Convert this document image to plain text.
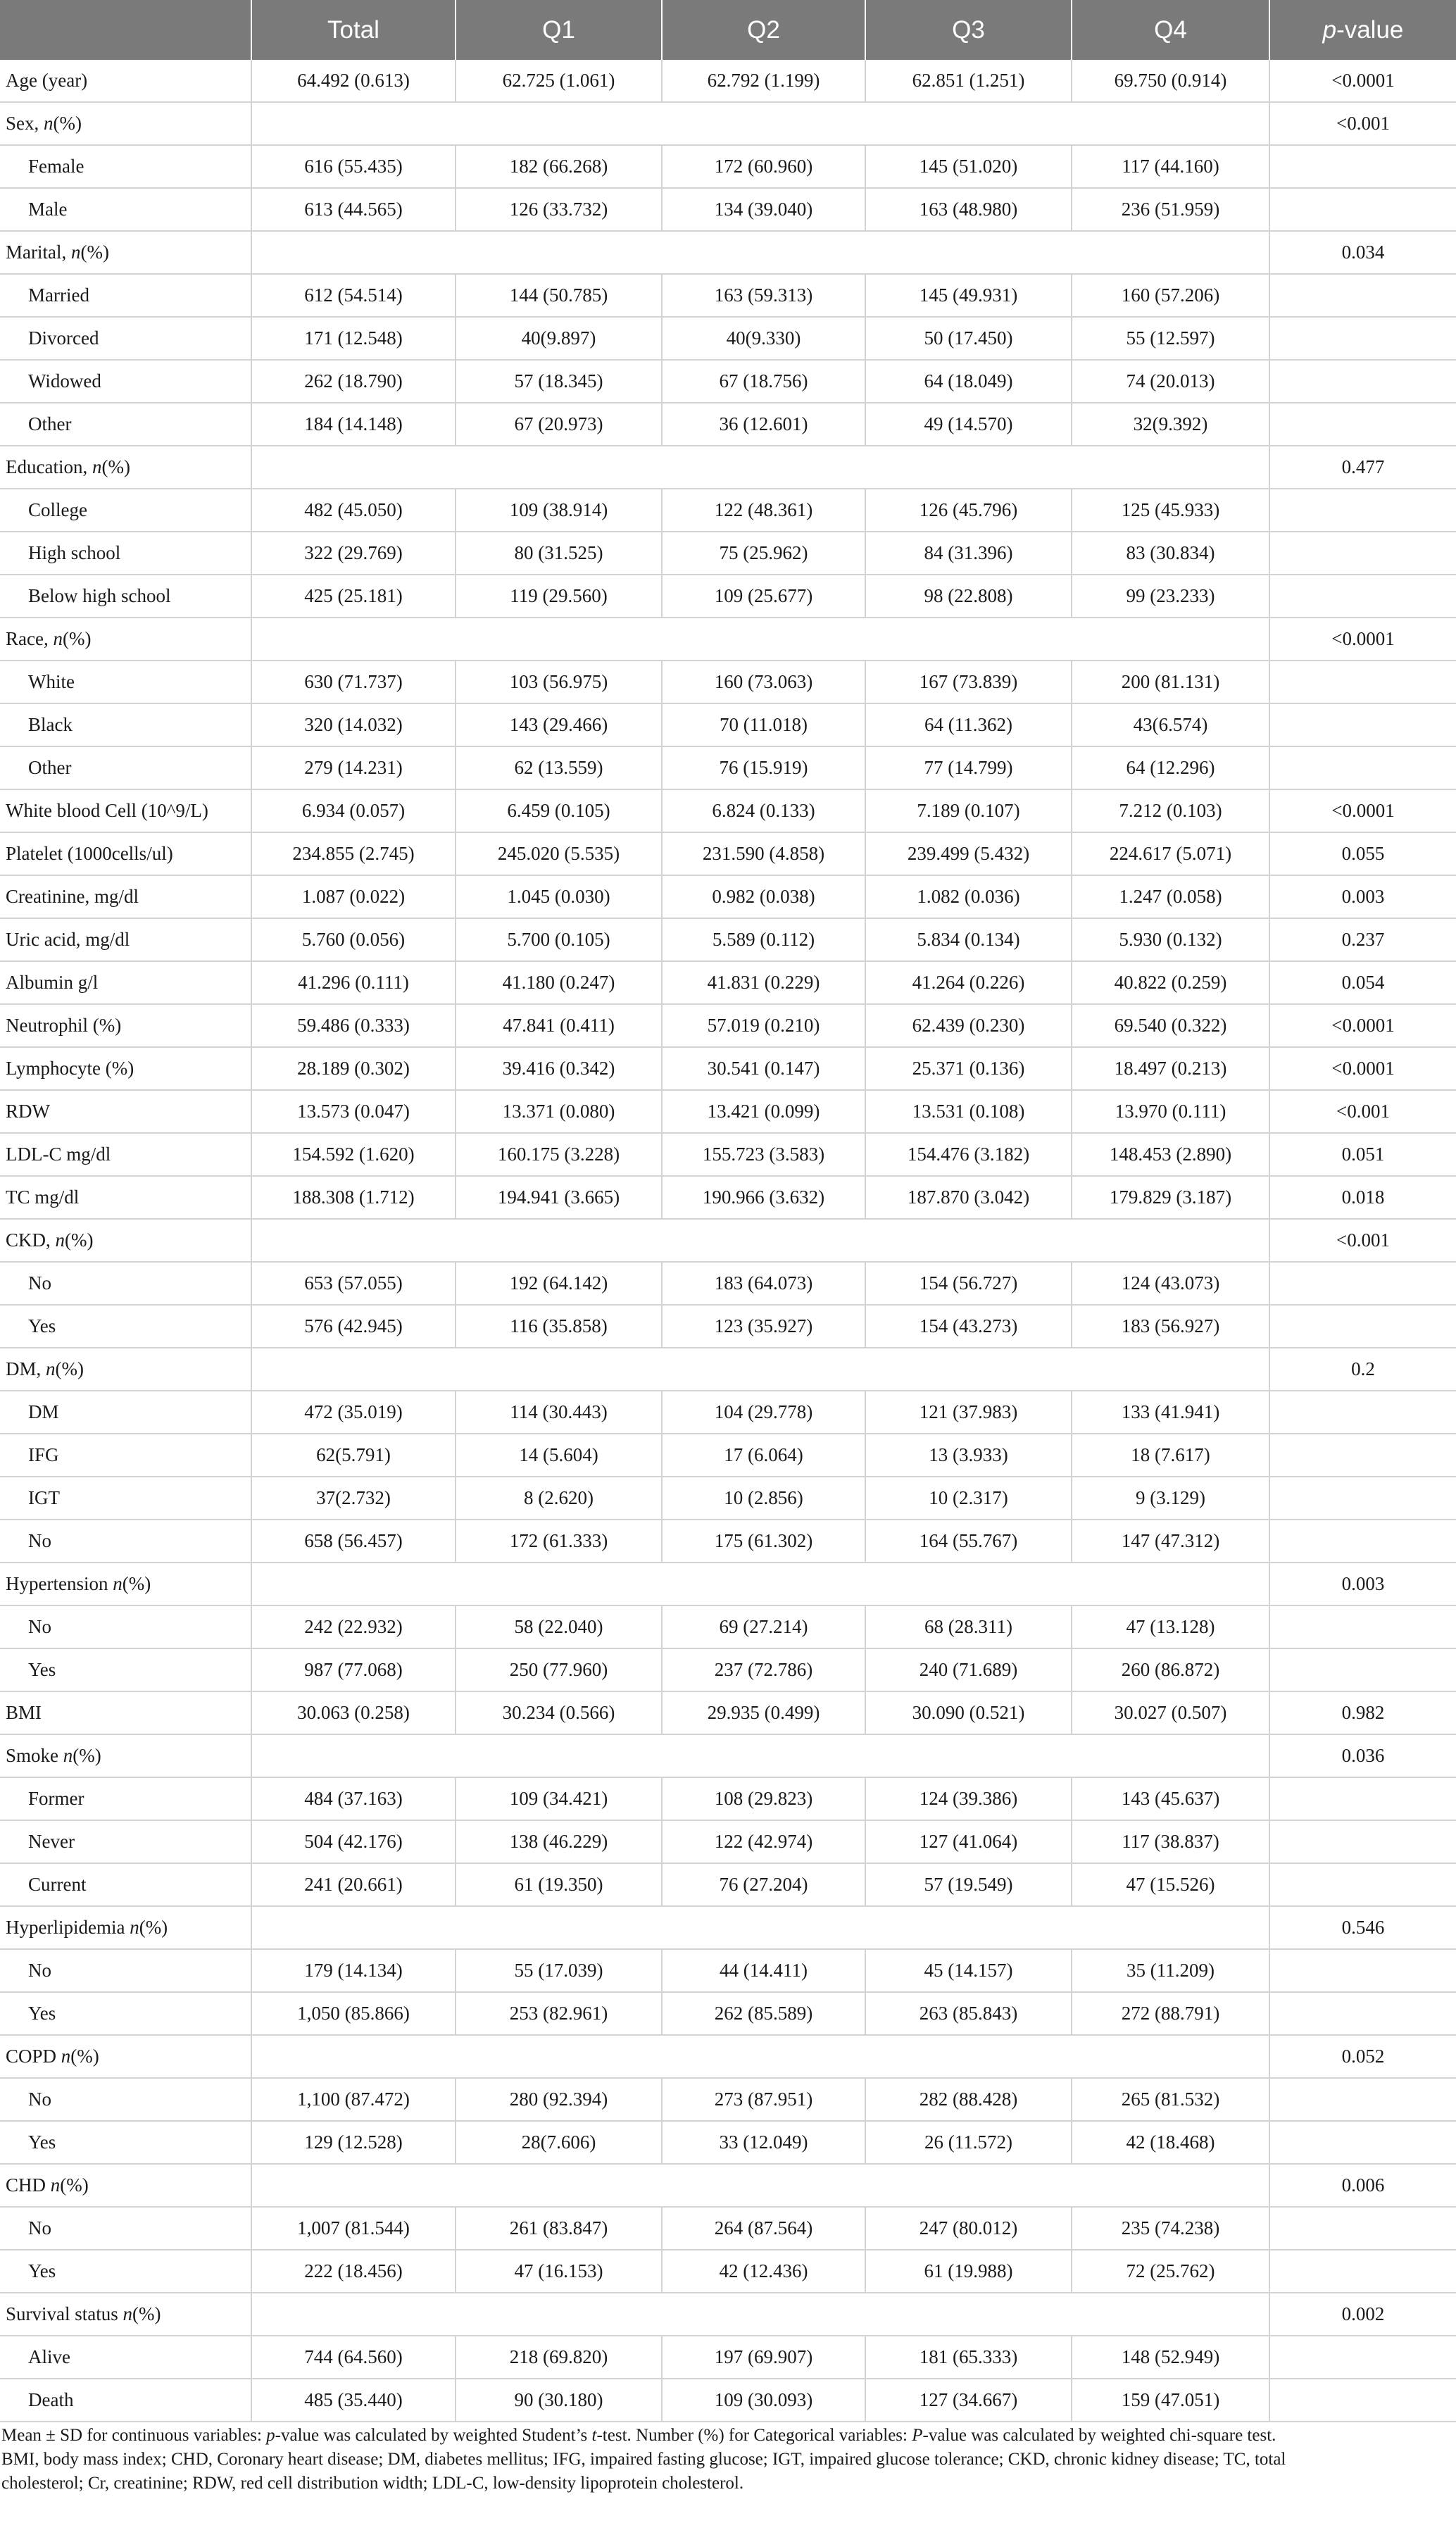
	Total	Q1	Q2	Q3	Q4	p-value
Age (year)	64.492 (0.613)	62.725 (1.061)	62.792 (1.199)	62.851 (1.251)	69.750 (0.914)	<0.0001
Sex, n(%)						<0.001
Female	616 (55.435)	182 (66.268)	172 (60.960)	145 (51.020)	117 (44.160)	
Male	613 (44.565)	126 (33.732)	134 (39.040)	163 (48.980)	236 (51.959)	
Marital, n(%)						0.034
Married	612 (54.514)	144 (50.785)	163 (59.313)	145 (49.931)	160 (57.206)	
Divorced	171 (12.548)	40(9.897)	40(9.330)	50 (17.450)	55 (12.597)	
Widowed	262 (18.790)	57 (18.345)	67 (18.756)	64 (18.049)	74 (20.013)	
Other	184 (14.148)	67 (20.973)	36 (12.601)	49 (14.570)	32(9.392)	
Education, n(%)						0.477
College	482 (45.050)	109 (38.914)	122 (48.361)	126 (45.796)	125 (45.933)	
High school	322 (29.769)	80 (31.525)	75 (25.962)	84 (31.396)	83 (30.834)	
Below high school	425 (25.181)	119 (29.560)	109 (25.677)	98 (22.808)	99 (23.233)	
Race, n(%)						<0.0001
White	630 (71.737)	103 (56.975)	160 (73.063)	167 (73.839)	200 (81.131)	
Black	320 (14.032)	143 (29.466)	70 (11.018)	64 (11.362)	43(6.574)	
Other	279 (14.231)	62 (13.559)	76 (15.919)	77 (14.799)	64 (12.296)	
White blood Cell (10^9/L)	6.934 (0.057)	6.459 (0.105)	6.824 (0.133)	7.189 (0.107)	7.212 (0.103)	<0.0001
Platelet (1000cells/ul)	234.855 (2.745)	245.020 (5.535)	231.590 (4.858)	239.499 (5.432)	224.617 (5.071)	0.055
Creatinine, mg/dl	1.087 (0.022)	1.045 (0.030)	0.982 (0.038)	1.082 (0.036)	1.247 (0.058)	0.003
Uric acid, mg/dl	5.760 (0.056)	5.700 (0.105)	5.589 (0.112)	5.834 (0.134)	5.930 (0.132)	0.237
Albumin g/l	41.296 (0.111)	41.180 (0.247)	41.831 (0.229)	41.264 (0.226)	40.822 (0.259)	0.054
Neutrophil (%)	59.486 (0.333)	47.841 (0.411)	57.019 (0.210)	62.439 (0.230)	69.540 (0.322)	<0.0001
Lymphocyte (%)	28.189 (0.302)	39.416 (0.342)	30.541 (0.147)	25.371 (0.136)	18.497 (0.213)	<0.0001
RDW	13.573 (0.047)	13.371 (0.080)	13.421 (0.099)	13.531 (0.108)	13.970 (0.111)	<0.001
LDL-C mg/dl	154.592 (1.620)	160.175 (3.228)	155.723 (3.583)	154.476 (3.182)	148.453 (2.890)	0.051
TC mg/dl	188.308 (1.712)	194.941 (3.665)	190.966 (3.632)	187.870 (3.042)	179.829 (3.187)	0.018
CKD, n(%)						<0.001
No	653 (57.055)	192 (64.142)	183 (64.073)	154 (56.727)	124 (43.073)	
Yes	576 (42.945)	116 (35.858)	123 (35.927)	154 (43.273)	183 (56.927)	
DM, n(%)						0.2
DM	472 (35.019)	114 (30.443)	104 (29.778)	121 (37.983)	133 (41.941)	
IFG	62(5.791)	14 (5.604)	17 (6.064)	13 (3.933)	18 (7.617)	
IGT	37(2.732)	8 (2.620)	10 (2.856)	10 (2.317)	9 (3.129)	
No	658 (56.457)	172 (61.333)	175 (61.302)	164 (55.767)	147 (47.312)	
Hypertension n(%)						0.003
No	242 (22.932)	58 (22.040)	69 (27.214)	68 (28.311)	47 (13.128)	
Yes	987 (77.068)	250 (77.960)	237 (72.786)	240 (71.689)	260 (86.872)	
BMI	30.063 (0.258)	30.234 (0.566)	29.935 (0.499)	30.090 (0.521)	30.027 (0.507)	0.982
Smoke n(%)						0.036
Former	484 (37.163)	109 (34.421)	108 (29.823)	124 (39.386)	143 (45.637)	
Never	504 (42.176)	138 (46.229)	122 (42.974)	127 (41.064)	117 (38.837)	
Current	241 (20.661)	61 (19.350)	76 (27.204)	57 (19.549)	47 (15.526)	
Hyperlipidemia n(%)						0.546
No	179 (14.134)	55 (17.039)	44 (14.411)	45 (14.157)	35 (11.209)	
Yes	1,050 (85.866)	253 (82.961)	262 (85.589)	263 (85.843)	272 (88.791)	
COPD n(%)						0.052
No	1,100 (87.472)	280 (92.394)	273 (87.951)	282 (88.428)	265 (81.532)	
Yes	129 (12.528)	28(7.606)	33 (12.049)	26 (11.572)	42 (18.468)	
CHD n(%)						0.006
No	1,007 (81.544)	261 (83.847)	264 (87.564)	247 (80.012)	235 (74.238)	
Yes	222 (18.456)	47 (16.153)	42 (12.436)	61 (19.988)	72 (25.762)	
Survival status n(%)						0.002
Alive	744 (64.560)	218 (69.820)	197 (69.907)	181 (65.333)	148 (52.949)	
Death	485 (35.440)	90 (30.180)	109 (30.093)	127 (34.667)	159 (47.051)	
Mean ± SD for continuous variables: p-value was calculated by weighted Student’s t-test. Number (%) for Categorical variables: P-value was calculated by weighted chi-square test.
BMI, body mass index; CHD, Coronary heart disease; DM, diabetes mellitus; IFG, impaired fasting glucose; IGT, impaired glucose tolerance; CKD, chronic kidney disease; TC, total
cholesterol; Cr, creatinine; RDW, red cell distribution width; LDL-C, low-density lipoprotein cholesterol.
